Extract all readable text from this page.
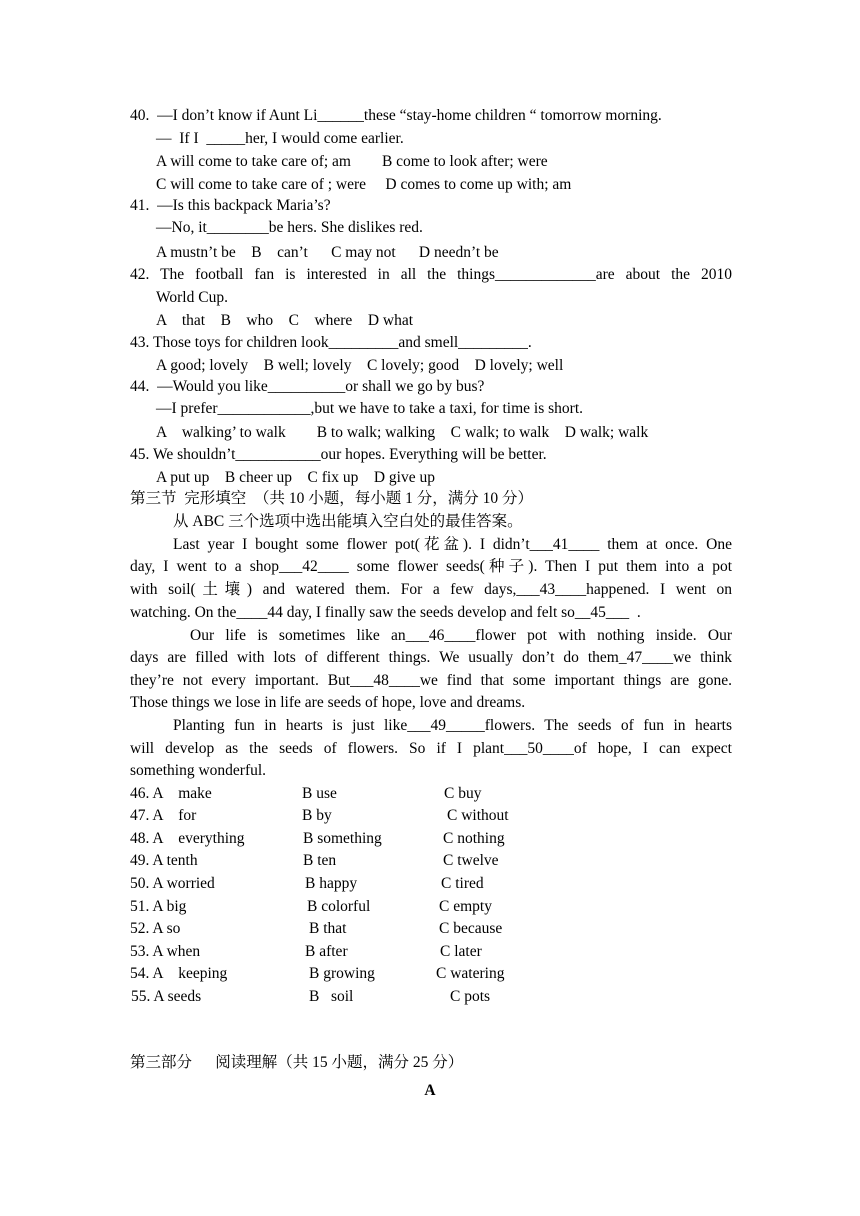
40.  —I don’t know if Aunt Li______these “stay-home children “ tomorrow morning.
—  If I  _____her, I would come earlier.
A will come to take care of; am        B come to look after; were
C will come to take care of ; were     D comes to come up with; am
41.  —Is this backpack Maria’s?
—No, it________be hers. She dislikes red.
A mustn’t be    B    can’t      C may not      D needn’t be
42. The football fan is interested in all the things_____________are about the 2010
World Cup.
A    that    B    who    C    where    D what
43. Those toys for children look_________and smell_________.
A good; lovely    B well; lovely    C lovely; good    D lovely; well
44.  —Would you like__________or shall we go by bus?
—I prefer____________,but we have to take a taxi, for time is short.
A    walking’ to walk        B to walk; walking    C walk; to walk    D walk; walk
45. We shouldn’t___________our hopes. Everything will be better.
A put up    B cheer up    C fix up    D give up
第三节  完形填空  （共 10 小题，每小题 1 分，满分 10 分）
从 ABC 三个选项中选出能填入空白处的最佳答案。
Last year I bought some flower pot(花盆). I didn’t___41____ them at once. One
day, I went to a shop___42____ some flower seeds(种子). Then I put them into a pot
with soil(土壤) and watered them. For a few days,___43____happened. I went on
watching. On the____44 day, I finally saw the seeds develop and felt so__45___  .
Our life is sometimes like an___46____flower pot with nothing inside. Our
days are filled with lots of different things. We usually don’t do them_47____we think
they’re not every important. But___48____we find that some important things are gone.
Those things we lose in life are seeds of hope, love and dreams.
Planting fun in hearts is just like___49_____flowers. The seeds of fun in hearts
will develop as the seeds of flowers. So if I plant___50____of hope, I can expect
something wonderful.
46. A    make	B use	C buy
47. A    for	B by	C without
48. A    everything	B something	C nothing
49. A tenth	B ten	C twelve
50. A worried	B happy	C tired
51. A big	B colorful	C empty
52. A so	B that	C because
53. A when	B after	C later
54. A    keeping	B growing	C watering
55. A seeds	B   soil	C pots
第三部分      阅读理解（共 15 小题，满分 25 分）
A
